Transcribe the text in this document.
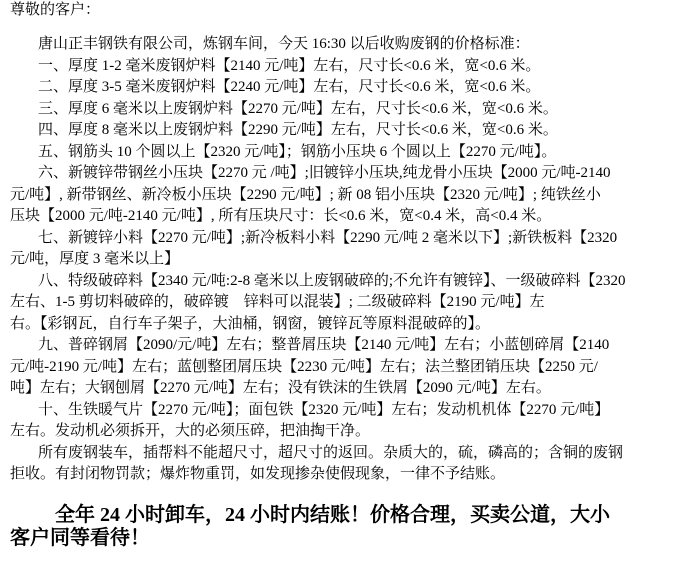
尊敬的客户：
唐山正丰钢铁有限公司，炼钢车间，今天 16:30 以后收购废钢的价格标准：
一、厚度 1-2 毫米废钢炉料【2140 元/吨】左右，尺寸长<0.6 米，宽<0.6 米。
二、厚度 3-5 毫米废钢炉料【2240 元/吨】左右，尺寸长<0.6 米，宽<0.6 米。
三、厚度 6 毫米以上废钢炉料【2270 元/吨】左右，尺寸长<0.6 米，宽<0.6 米。
四、厚度 8 毫米以上废钢炉料【2290 元/吨】左右，尺寸长<0.6 米，宽<0.6 米。
五、钢筋头 10 个圆以上【2320 元/吨】；钢筋小压块 6 个圆以上【2270 元/吨】。
六、新镀锌带钢丝小压块【2270 元 /吨】;旧镀锌小压块,纯龙骨小压块【2000 元/吨-2140
元/吨】, 新带钢丝、新冷板小压块【2290 元/吨】; 新 08 铝小压块【2320 元/吨】; 纯铁丝小
压块【2000 元/吨-2140 元/吨】, 所有压块尺寸：长<0.6 米，宽<0.4 米，高<0.4 米。
七、新镀锌小料【2270 元/吨】;新冷板料小料【2290 元/吨 2 毫米以下】;新铁板料【2320
元/吨，厚度 3 毫米以上】
八、特级破碎料【2340 元/吨:2-8 毫米以上废钢破碎的;不允许有镀锌】、一级破碎料【2320
左右、1-5 剪切料破碎的，破碎镀    锌料可以混装】; 二级破碎料【2190 元/吨】左
右。【彩钢瓦，自行车子架子，大油桶，钢窗，镀锌瓦等原料混破碎的】。
九、普碎钢屑【2090/元/吨】左右；整普屑压块【2140 元/吨】左右；小蓝刨碎屑【2140
元/吨-2190 元/吨】左右；蓝刨整团屑压块【2230 元/吨】左右；法兰整团销压块【2250 元/
吨】左右；大钢刨屑【2270 元/吨】左右；没有铁沫的生铁屑【2090 元/吨】左右。
十、生铁暖气片【2270 元/吨】；面包铁【2320 元/吨】左右；发动机机体【2270 元/吨】
左右。发动机必须拆开，大的必须压碎，把油掏干净。
所有废钢装车，插帮料不能超尺寸，超尺寸的返回。杂质大的，硫，磷高的；含铜的废钢
拒收。有封闭物罚款；爆炸物重罚，如发现掺杂使假现象，一律不予结账。
全年 24 小时卸车，24 小时内结账！价格合理，买卖公道，大小
客户同等看待！
